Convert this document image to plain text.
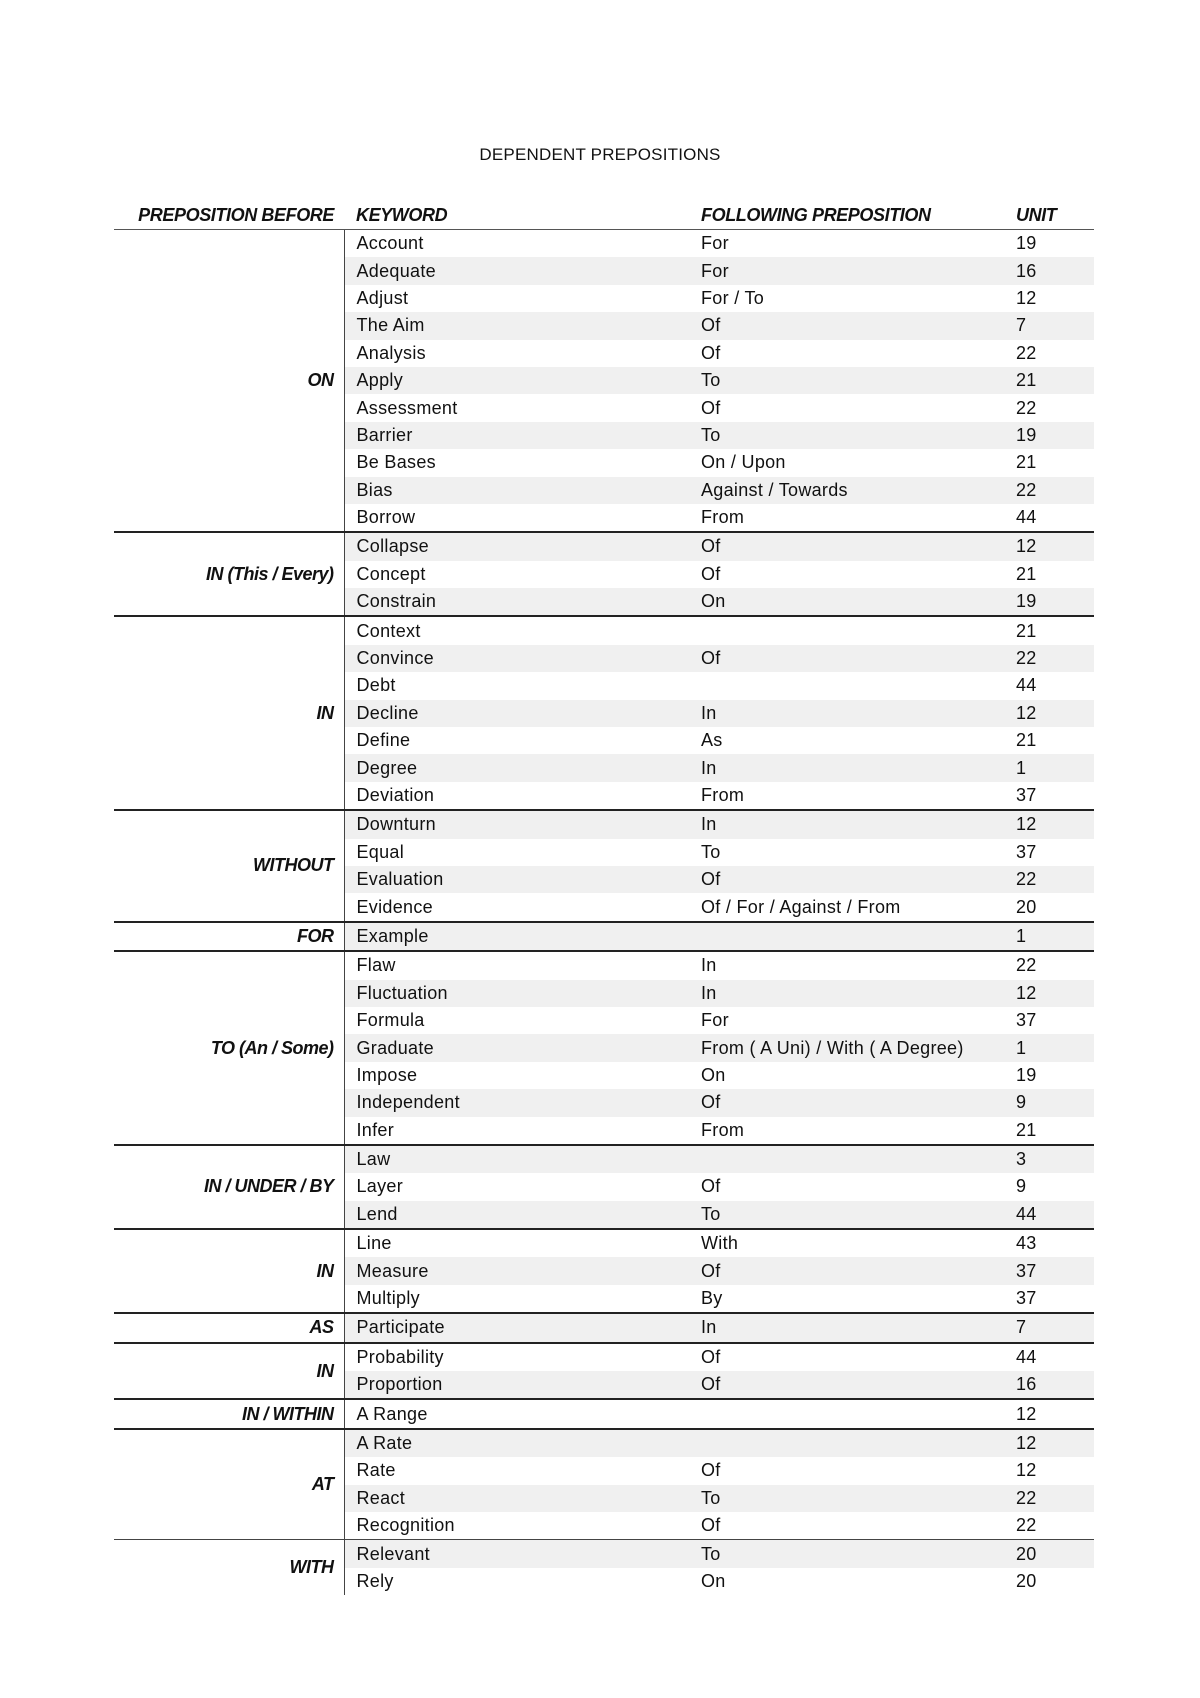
DEPENDENT PREPOSITIONS
PREPOSITION BEFORE	KEYWORD	FOLLOWING PREPOSITION	UNIT
ON	Account	For	19
	Adequate	For	16
	Adjust	For / To	12
	The Aim	Of	7
	Analysis	Of	22
	Apply	To	21
	Assessment	Of	22
	Barrier	To	19
	Be Bases	On / Upon	21
	Bias	Against / Towards	22
	Borrow	From	44
IN (This / Every)	Collapse	Of	12
	Concept	Of	21
	Constrain	On	19
IN	Context		21
	Convince	Of	22
	Debt		44
	Decline	In	12
	Define	As	21
	Degree	In	1
	Deviation	From	37
WITHOUT	Downturn	In	12
	Equal	To	37
	Evaluation	Of	22
	Evidence	Of / For / Against / From	20
FOR	Example		1
TO (An / Some)	Flaw	In	22
	Fluctuation	In	12
	Formula	For	37
	Graduate	From ( A Uni) / With ( A Degree)	1
	Impose	On	19
	Independent	Of	9
	Infer	From	21
IN / UNDER / BY	Law		3
	Layer	Of	9
	Lend	To	44
IN	Line	With	43
	Measure	Of	37
	Multiply	By	37
AS	Participate	In	7
IN	Probability	Of	44
	Proportion	Of	16
IN / WITHIN	A Range		12
AT	A Rate		12
	Rate	Of	12
	React	To	22
	Recognition	Of	22
WITH	Relevant	To	20
	Rely	On	20
